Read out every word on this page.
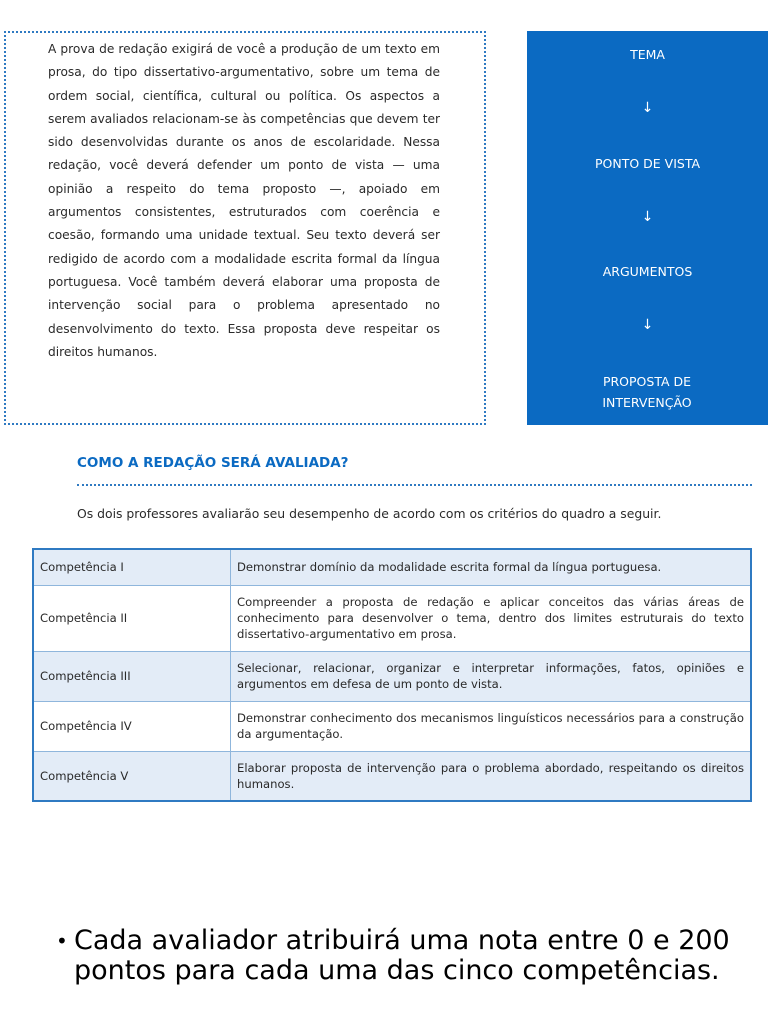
A prova de redação exigirá de você a produção de um texto em prosa, do tipo dissertativo-argumentativo, sobre um tema de ordem social, científica, cultural ou política. Os aspectos a serem avaliados relacionam-se às competências que devem ter sido desenvolvidas durante os anos de escolaridade. Nessa redação, você deverá defender um ponto de vista — uma opinião a respeito do tema proposto —, apoiado em argumentos consistentes, estruturados com coerência e coesão, formando uma unidade textual. Seu texto deverá ser redigido de acordo com a modalidade escrita formal da língua portuguesa. Você também deverá elaborar uma proposta de intervenção social para o problema apresentado no desenvolvimento do texto. Essa proposta deve respeitar os direitos humanos.

TEMA
↓
PONTO DE VISTA
↓
ARGUMENTOS
↓
PROPOSTA DE INTERVENÇÃO
COMO A REDAÇÃO SERÁ AVALIADA?

Os dois professores avaliarão seu desempenho de acordo com os critérios do quadro a seguir.

Competência I	Demonstrar domínio da modalidade escrita formal da língua portuguesa.
Competência II	Compreender a proposta de redação e aplicar conceitos das várias áreas de conhecimento para desenvolver o tema, dentro dos limites estruturais do texto dissertativo-argumentativo em prosa.
Competência III	Selecionar, relacionar, organizar e interpretar informações, fatos, opiniões e argumentos em defesa de um ponto de vista.
Competência IV	Demonstrar conhecimento dos mecanismos linguísticos necessários para a construção da argumentação.
Competência V	Elaborar proposta de intervenção para o problema abordado, respeitando os direitos humanos.
• Cada avaliador atribuirá uma nota entre 0 e 200 pontos para cada uma das cinco competências.
